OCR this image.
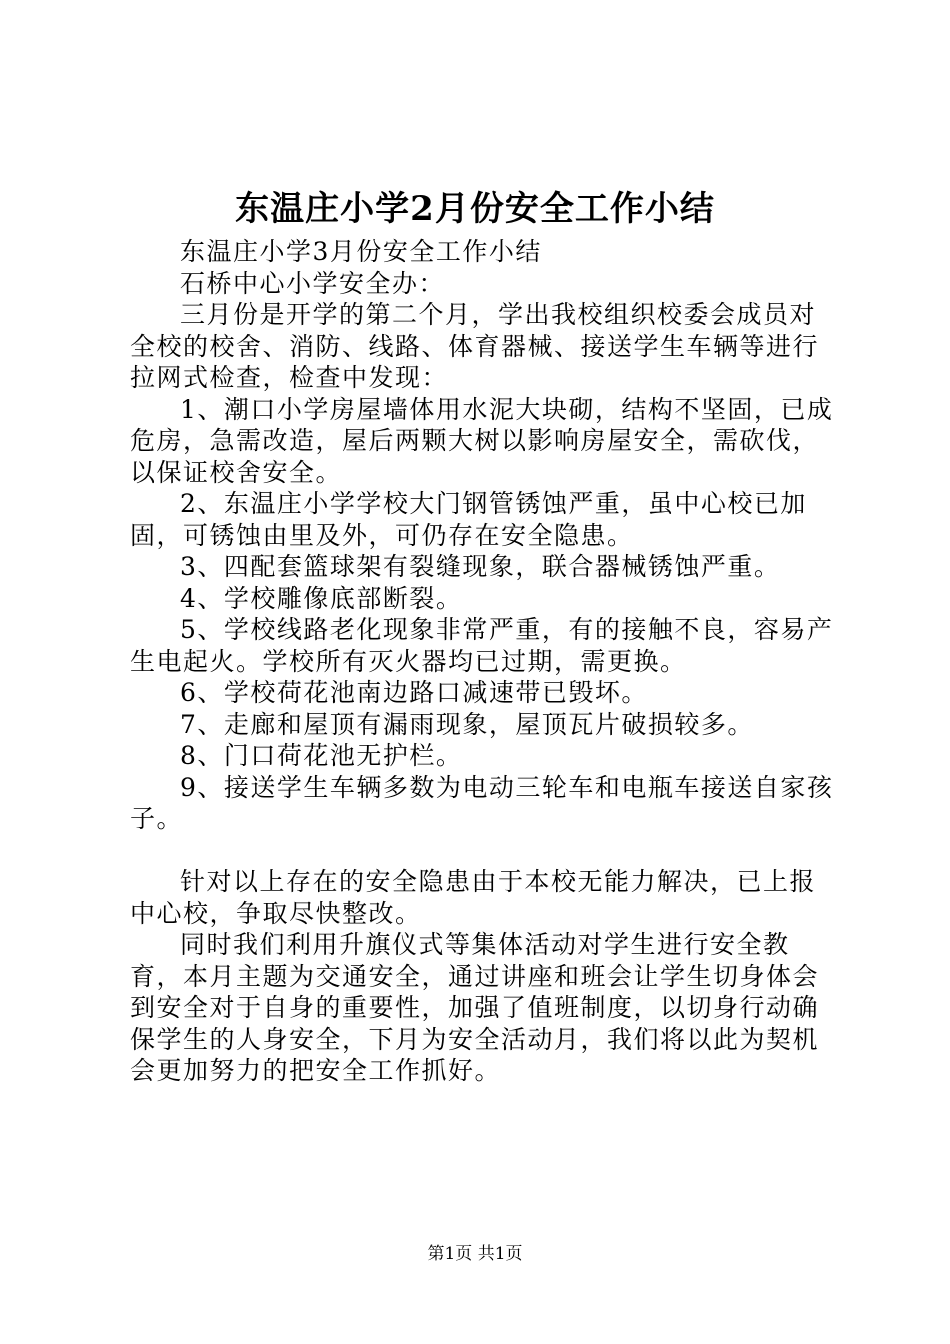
东温庄小学2月份安全工作小结

东温庄小学3月份安全工作小结

石桥中心小学安全办：

三月份是开学的第二个月，学出我校组织校委会成员对全校的校舍、消防、线路、体育器械、接送学生车辆等进行拉网式检查，检查中发现：

1、潮口小学房屋墙体用水泥大块砌，结构不坚固，已成危房，急需改造，屋后两颗大树以影响房屋安全，需砍伐，以保证校舍安全。

2、东温庄小学学校大门钢管锈蚀严重，虽中心校已加固，可锈蚀由里及外，可仍存在安全隐患。

3、四配套篮球架有裂缝现象，联合器械锈蚀严重。

4、学校雕像底部断裂。

5、学校线路老化现象非常严重，有的接触不良，容易产生电起火。学校所有灭火器均已过期，需更换。

6、学校荷花池南边路口减速带已毁坏。

7、走廊和屋顶有漏雨现象，屋顶瓦片破损较多。

8、门口荷花池无护栏。

9、接送学生车辆多数为电动三轮车和电瓶车接送自家孩子。

针对以上存在的安全隐患由于本校无能力解决，已上报中心校，争取尽快整改。

同时我们利用升旗仪式等集体活动对学生进行安全教育，本月主题为交通安全，通过讲座和班会让学生切身体会到安全对于自身的重要性，加强了值班制度，以切身行动确保学生的人身安全，下月为安全活动月，我们将以此为契机会更加努力的把安全工作抓好。

第1页 共1页
